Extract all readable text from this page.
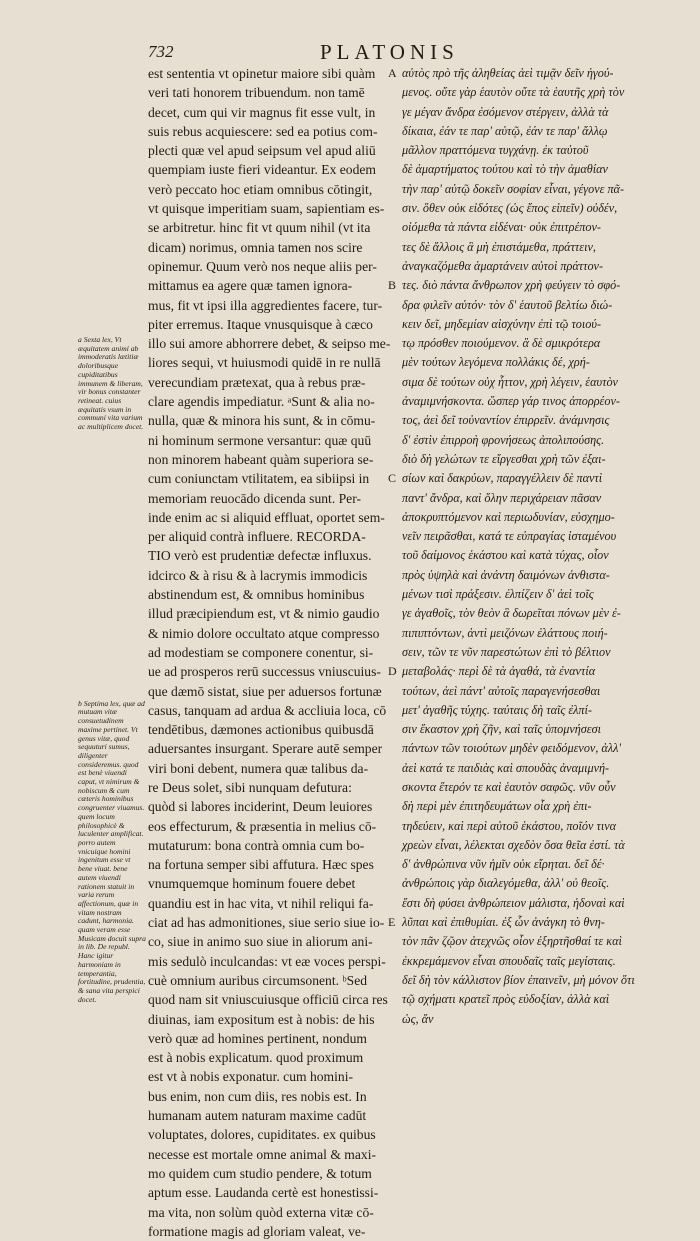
732	PLATONIS
a Sexta lex, Vt æquitatem animi ab immoderatis lætitiæ doloribusque cupiditatibus immunem & liberam, vir bonus constanter retineat. cuius æquitatis vsum in communi vita varium ac multiplicem docet.
b Septima lex, quæ ad mutuam vitæ consuetudinem maxime pertinet. Vt genus vitæ, quod sequuturi sumus, diligenter consideremus. quod est benè viuendi caput, vt nimirum & nobiscum & cum cæteris hominibus congruenter viuamus. quem locum philosophicè & luculenter amplificat. porro autem vnicuique homini ingenitum esse vt bene viuat. bene autem viuendi rationem statuit in varia rerum affectionum, quæ in vitam nostram cadunt, harmonia. quam veram esse Musicam docuit supra in lib. De republ. Hanc igitur harmoniam in temperantia, fortitudine, prudentia, & sana vita perspici docet.
est sententia vt opinetur maiore sibi quàm
veri tati honorem tribuendum. non tamē
decet, cum qui vir magnus fit esse vult, in
suis rebus acquiescere: sed ea potius com-
plecti quæ vel apud seipsum vel apud aliū
quempiam iuste fieri videantur. Ex eodem
verò peccato hoc etiam omnibus cōtingit,
vt quisque imperitiam suam, sapientiam es-
se arbitretur. hinc fit vt quum nihil (vt ita
dicam) norimus, omnia tamen nos scire
opinemur. Quum verò nos neque aliis per-
mittamus ea agere quæ tamen ignora-
mus, fit vt ipsi illa aggredientes facere, tur-
piter erremus. Itaque vnusquisque à cæco
illo sui amore abhorrere debet, & seipso me-
liores sequi, vt huiusmodi quidē in re nullā
verecundiam prætexat, qua à rebus præ-
clare agendis impediatur. ᵃSunt & alia no-
nulla, quæ & minora his sunt, & in cōmu-
ni hominum sermone versantur: quæ quū
non minorem habeant quàm superiora se-
cum coniunctam vtilitatem, ea sibiipsi in
memoriam reuocādo dicenda sunt. Per-
inde enim ac si aliquid effluat, oportet sem-
per aliquid contrà influere. RECORDA-
TIO verò est prudentiæ defectæ influxus.
idcirco & à risu & à lacrymis immodicis
abstinendum est, & omnibus hominibus
illud præcipiendum est, vt & nimio gaudio
& nimio dolore occultato atque compresso
ad modestiam se componere conentur, si-
ue ad prosperos rerū successus vniuscuius-
que dæmō sistat, siue per aduersos fortunæ
casus, tanquam ad ardua & accliuia loca, cō
tendētibus, dæmones actionibus quibusdā
aduersantes insurgant. Sperare autē semper
viri boni debent, numera quæ talibus da-
re Deus solet, sibi nunquam defutura:
quòd si labores inciderint, Deum leuiores
eos effecturum, & præsentia in melius cō-
mutaturum: bona contrà omnia cum bo-
na fortuna semper sibi affutura. Hæc spes
vnumquemque hominum fouere debet
quandiu est in hac vita, vt nihil reliqui fa-
ciat ad has admonitiones, siue serio siue io-
co, siue in animo suo siue in aliorum ani-
mis sedulò inculcandas: vt eæ voces perspi-
cuè omnium auribus circumsonent. ᵇSed
quod nam sit vniuscuiusque officiū circa res
diuinas, iam expositum est à nobis: de his
verò quæ ad homines pertinent, nondum
est à nobis explicatum. quod proximum
est vt à nobis exponatur. cum homini-
bus enim, non cum diis, res nobis est. In
humanam autem naturam maxime cadūt
voluptates, dolores, cupiditates. ex quibus
necesse est mortale omne animal & maxi-
mo quidem cum studio pendere, & totum
aptum esse. Laudanda certè est honestissi-
ma vita, non solùm quòd externa vitæ cō-
formatione magis ad gloriam valeat, ve-
A
B
C
D
E
αὐτὸς πρὸ τῆς ἀληθείας ἀεὶ τιμᾷν δεῖν ἡγού-
μενος. οὔτε γὰρ ἑαυτὸν οὔτε τὰ ἑαυτῆς χρὴ τὸν
γε μέγαν ἄνδρα ἐσόμενον στέργειν, ἀλλὰ τὰ
δίκαια, ἐάν τε παρ' αὑτῷ, ἐάν τε παρ' ἄλλῳ
μᾶλλον πραττόμενα τυγχάνῃ. ἐκ ταὐτοῦ
δὲ ἁμαρτήματος τούτου καὶ τὸ τὴν ἀμαθίαν
τὴν παρ' αὑτῷ δοκεῖν σοφίαν εἶναι, γέγονε πᾶ-
σιν. ὅθεν οὐκ εἰδότες (ὡς ἔπος εἰπεῖν) οὐδέν,
οἰόμεθα τὰ πάντα εἰδέναι· οὐκ ἐπιτρέπον-
τες δὲ ἄλλοις ἃ μὴ ἐπιστάμεθα, πράττειν,
ἀναγκαζόμεθα ἁμαρτάνειν αὐτοὶ πράττον-
τες. διὸ πάντα ἄνθρωπον χρὴ φεύγειν τὸ σφό-
δρα φιλεῖν αὑτόν· τὸν δ' ἑαυτοῦ βελτίω διώ-
κειν δεῖ, μηδεμίαν αἰσχύνην ἐπὶ τῷ τοιού-
τῳ πρόσθεν ποιούμενον. ἃ δὲ σμικρότερα
μὲν τούτων λεγόμενα πολλάκις δέ, χρή-
σιμα δὲ τούτων οὐχ ἧττον, χρὴ λέγειν, ἑαυτὸν
ἀναμιμνήσκοντα. ὥσπερ γάρ τινος ἀπορρέον-
τος, ἀεὶ δεῖ τοὐναντίον ἐπιρρεῖν. ἀνάμνησις
δ' ἐστὶν ἐπιρροὴ φρονήσεως ἀπολιπούσης.
διὸ δὴ γελώτων τε εἴργεσθαι χρὴ τῶν ἐξαι-
σίων καὶ δακρύων, παραγγέλλειν δὲ παντὶ
παντ' ἄνδρα, καὶ ὅλην περιχάρειαν πᾶσαν
ἀποκρυπτόμενον καὶ περιωδυνίαν, εὐσχημο-
νεῖν πειρᾶσθαι, κατά τε εὐπραγίας ἱσταμένου
τοῦ δαίμονος ἑκάστου καὶ κατὰ τύχας, οἷον
πρὸς ὑψηλὰ καὶ ἀνάντη δαιμόνων ἀνθιστα-
μένων τισὶ πράξεσιν. ἐλπίζειν δ' ἀεὶ τοῖς
γε ἀγαθοῖς, τὸν θεὸν ἃ δωρεῖται πόνων μὲν ἐ-
πιπιπτόντων, ἀντὶ μειζόνων ἐλάττους ποιή-
σειν, τῶν τε νῦν παρεστώτων ἐπὶ τὸ βέλτιον
μεταβολάς· περὶ δὲ τὰ ἀγαθά, τὰ ἐναντία
τούτων, ἀεὶ πάντ' αὐτοῖς παραγενήσεσθαι
μετ' ἀγαθῆς τύχης. ταύταις δὴ ταῖς ἐλπί-
σιν ἕκαστον χρὴ ζῆν, καὶ ταῖς ὑπομνήσεσι
πάντων τῶν τοιούτων μηδὲν φειδόμενον, ἀλλ'
ἀεὶ κατά τε παιδιὰς καὶ σπουδὰς ἀναμιμνή-
σκοντα ἕτερόν τε καὶ ἑαυτὸν σαφῶς. νῦν οὖν
δὴ περὶ μὲν ἐπιτηδευμάτων οἷα χρὴ ἐπι-
τηδεύειν, καὶ περὶ αὐτοῦ ἑκάστου, ποῖόν τινα
χρεὼν εἶναι, λέλεκται σχεδὸν ὅσα θεῖα ἐστί. τὰ
δ' ἀνθρώπινα νῦν ἡμῖν οὐκ εἴρηται. δεῖ δέ·
ἀνθρώποις γὰρ διαλεγόμεθα, ἀλλ' οὐ θεοῖς.
ἔστι δὴ φύσει ἀνθρώπειον μάλιστα, ἡδοναὶ καὶ
λῦπαι καὶ ἐπιθυμίαι. ἐξ ὧν ἀνάγκη τὸ θνη-
τὸν πᾶν ζῷον ἀτεχνῶς οἷον ἐξηρτῆσθαί τε καὶ
ἐκκρεμάμενον εἶναι σπουδαῖς ταῖς μεγίσταις.
δεῖ δὴ τὸν κάλλιστον βίον ἐπαινεῖν, μὴ μόνον ὅτι
τῷ σχήματι κρατεῖ πρὸς εὐδοξίαν, ἀλλὰ καὶ
ὡς, ἄν
